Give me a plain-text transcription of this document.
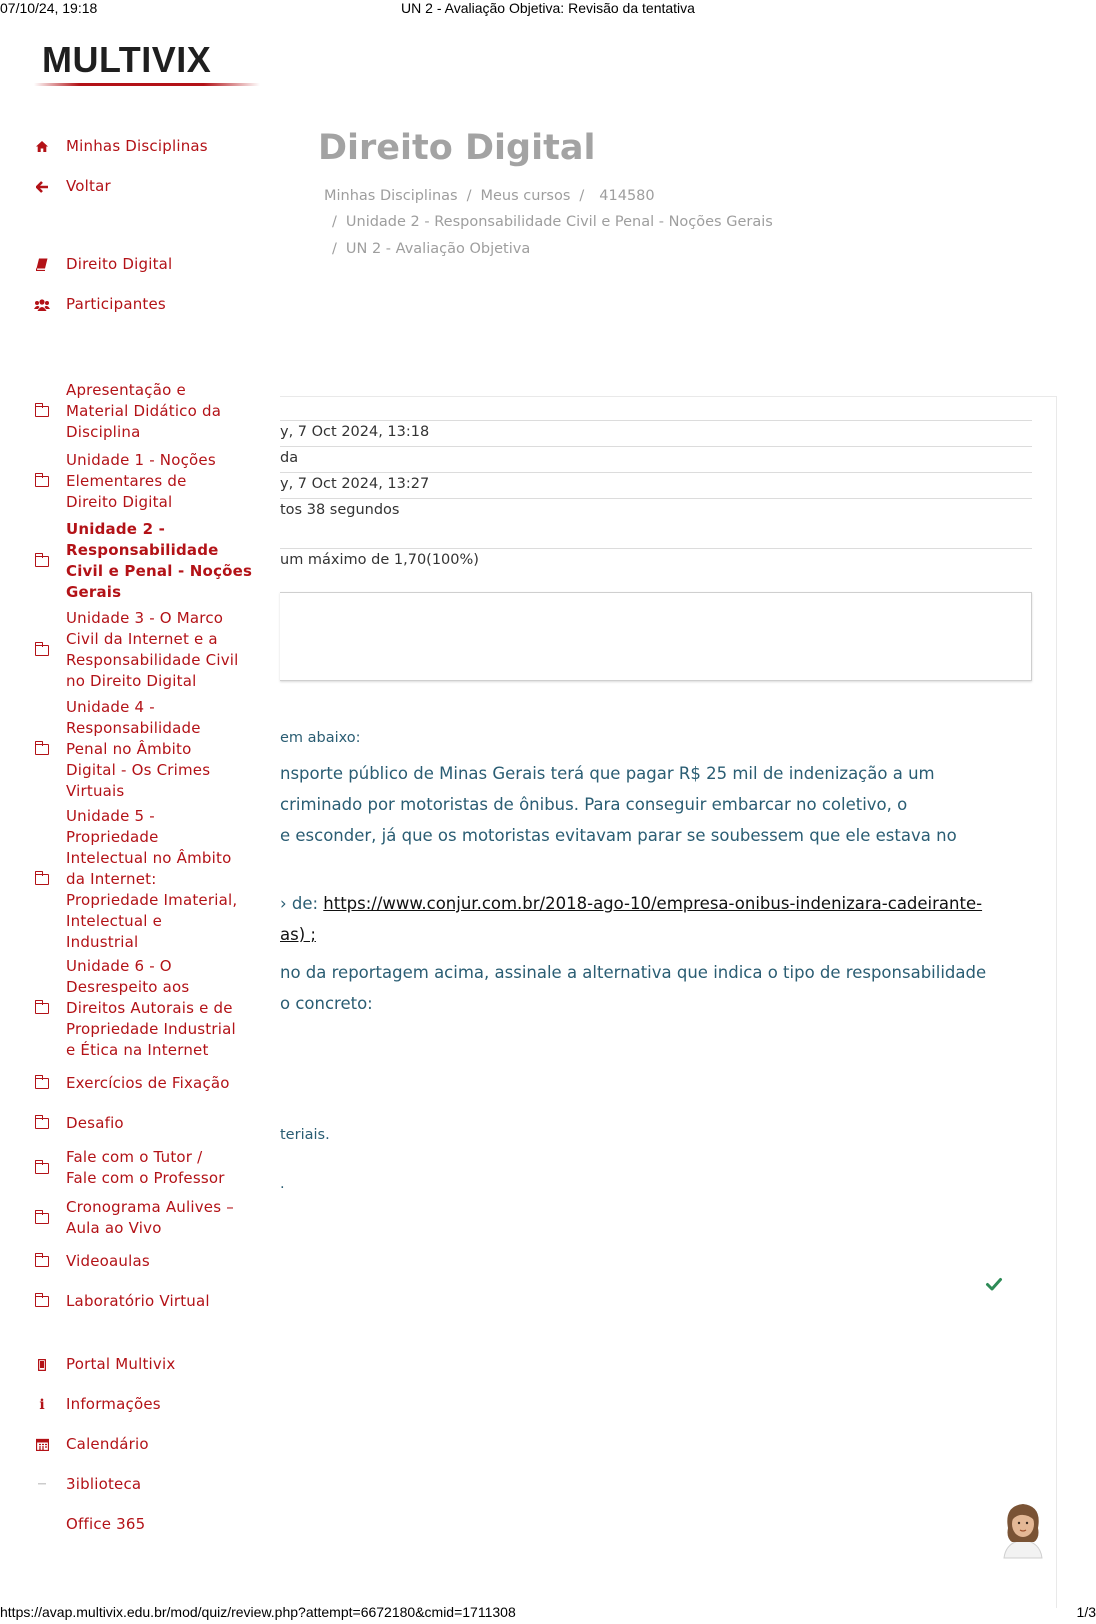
07/10/24, 19:18	UN 2 - Avaliação Objetiva: Revisão da tentativa
MULTIVIX
Minhas Disciplinas
Voltar
Direito Digital
Participantes
Apresentação e
Material Didático da
Disciplina
Unidade 1 - Noções
Elementares de
Direito Digital
Unidade 2 -
Responsabilidade
Civil e Penal - Noções
Gerais
Unidade 3 - O Marco
Civil da Internet e a
Responsabilidade Civil
no Direito Digital
Unidade 4 -
Responsabilidade
Penal no Âmbito
Digital - Os Crimes
Virtuais
Unidade 5 -
Propriedade
Intelectual no Âmbito
da Internet:
Propriedade Imaterial,
Intelectual e
Industrial
Unidade 6 - O
Desrespeito aos
Direitos Autorais e de
Propriedade Industrial
e Ética na Internet
Exercícios de Fixação
Desafio
Fale com o Tutor /
Fale com o Professor
Cronograma Aulives –
Aula ao Vivo
Videoaulas
Laboratório Virtual
Portal Multivix
i	Informações
Calendário
3iblioteca
Office 365
Direito Digital
Minhas Disciplinas / Meus cursos / 414580
/ Unidade 2 - Responsabilidade Civil e Penal - Noções Gerais
/ UN 2 - Avaliação Objetiva
y, 7 Oct 2024, 13:18
da
y, 7 Oct 2024, 13:27
tos 38 segundos
um máximo de 1,70(100%)
em abaixo:
nsporte público de Minas Gerais terá que pagar R$ 25 mil de indenização a um
criminado por motoristas de ônibus. Para conseguir embarcar no coletivo, o
e esconder, já que os motoristas evitavam parar se soubessem que ele estava no
› de: https://www.conjur.com.br/2018-ago-10/empresa-onibus-indenizara-cadeirante-
as) ;
no da reportagem acima, assinale a alternativa que indica o tipo de responsabilidade
o concreto:
teriais.
.
https://avap.multivix.edu.br/mod/quiz/review.php?attempt=6672180&cmid=1711308	1/3
